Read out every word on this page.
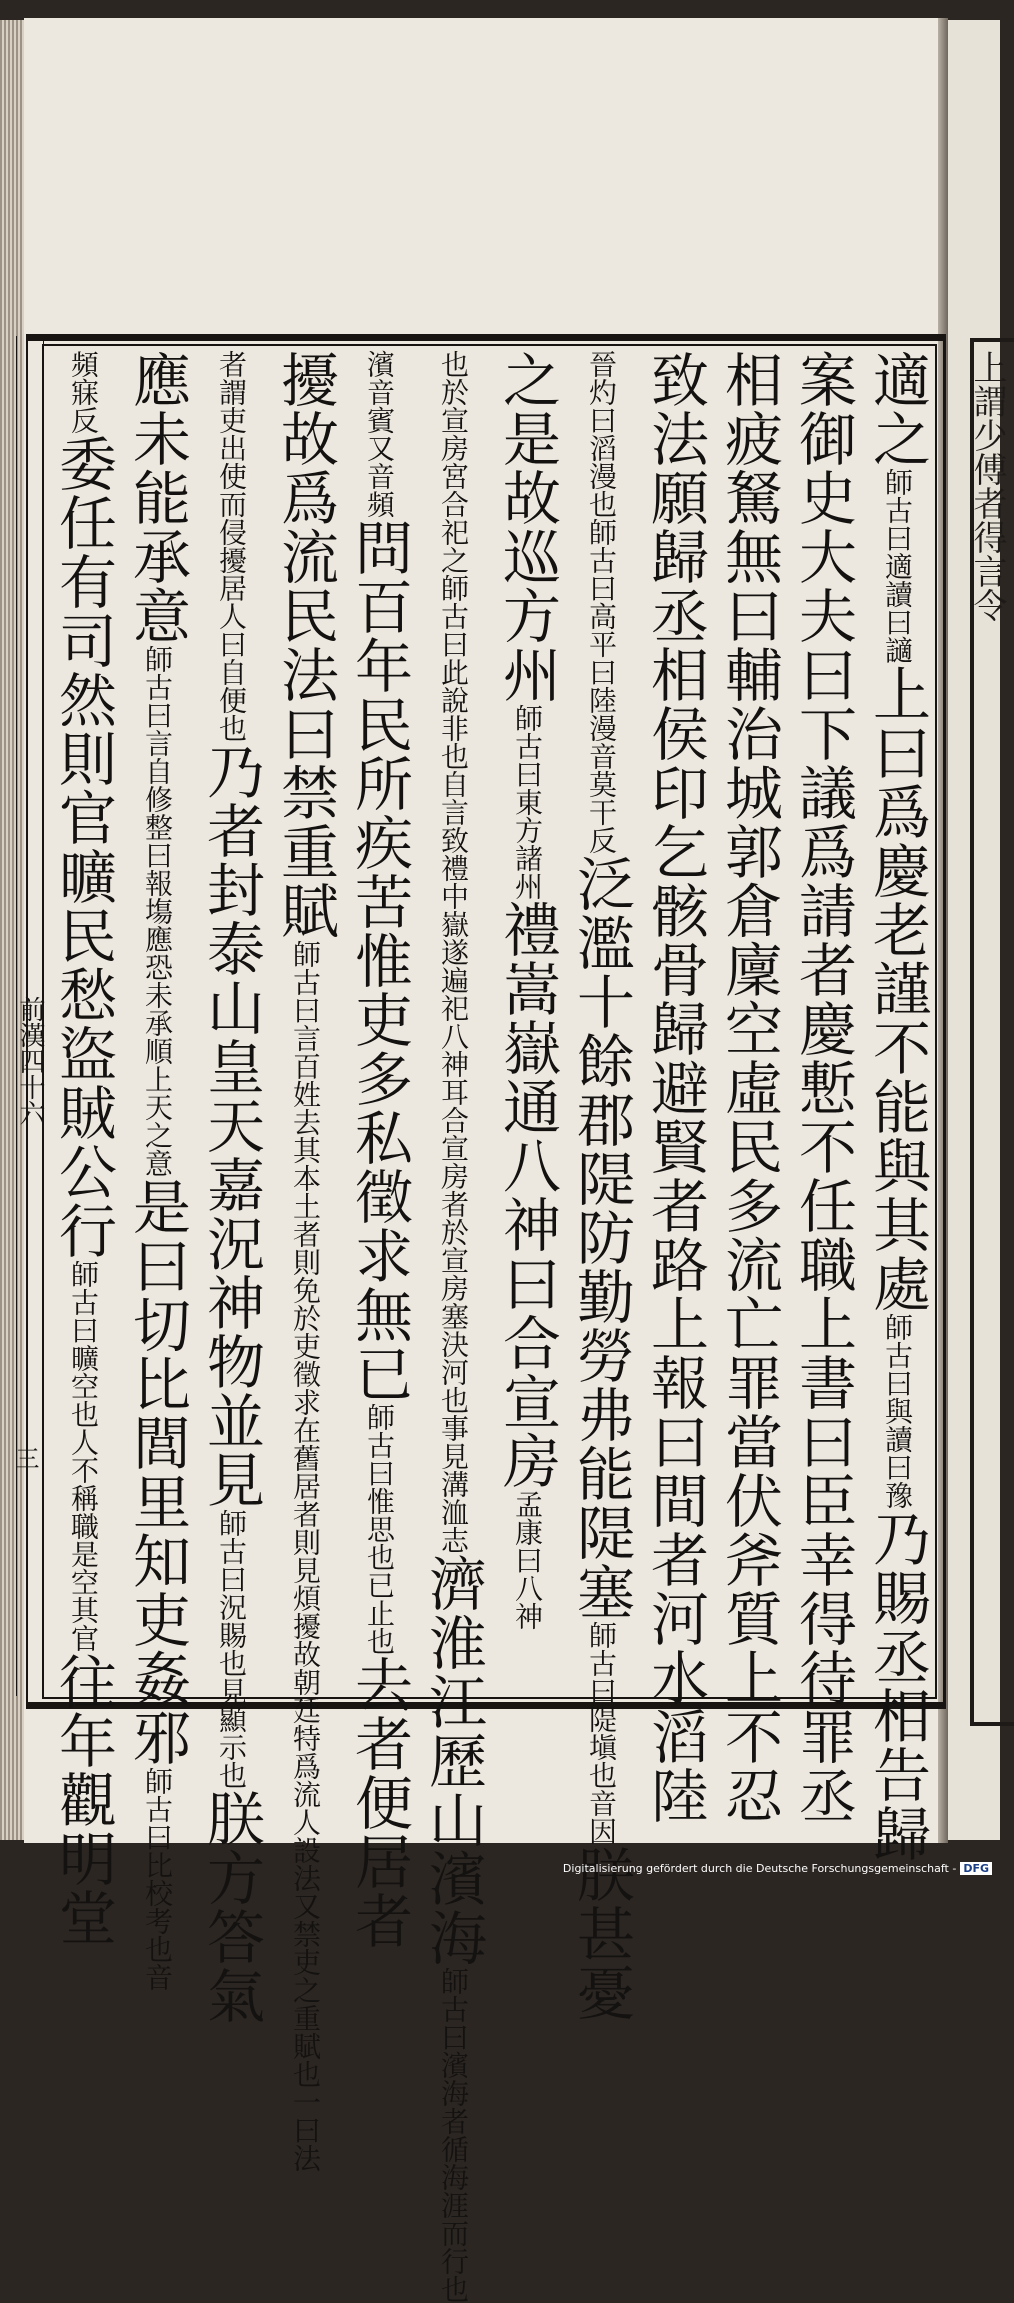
上謂少傅者得言令
前漢四十六
三
適之師古曰適讀曰讁上曰爲慶老謹不能與其處師古曰與讀曰豫乃賜丞相告歸
案御史大夫曰下議爲請者慶慙不任職上書曰臣幸得待罪丞
相疲駑無曰輔治城郭倉廩空虛民多流亡罪當伏斧質上不忍
致法願歸丞相侯印乞骸骨歸避賢者路上報曰間者河水滔陸
晉灼曰滔漫也師古曰高平曰陸漫音莫干反泛濫十餘郡隄防勤勞弗能隄塞師古曰隄塡也音因朕甚憂
之是故巡方州師古曰東方諸州禮嵩嶽通八神曰合宣房孟康曰八神
也於宣房宮合祀之師古曰此說非也自言致禮中嶽遂遍祀八神耳合宣房者於宣房塞決河也事見溝洫志濟淮江歷山濱海師古曰濱海者循海涯而行也
濱音賓又音頻問百年民所疾苦惟吏多私徵求無已師古曰惟思也已止也去者便居者
擾故爲流民法曰禁重賦師古曰言百姓去其本土者則免於吏徵求在舊居者則見煩擾故朝廷特爲流人設法又禁吏之重賦也一曰法
者謂吏出使而侵擾居人曰自便也乃者封泰山皇天嘉況神物並見師古曰況賜也見顯示也朕方答氣
應未能承意師古曰言自修整曰報塲應恐未承順上天之意是曰切比閭里知吏姦邪師古曰比校考也音
頻寐反委任有司然則官曠民愁盜賊公行師古曰曠空也人不稱職是空其官往年觀明堂	Digitalisierung gefördert durch die Deutsche Forschungsgemeinschaft - DFG
